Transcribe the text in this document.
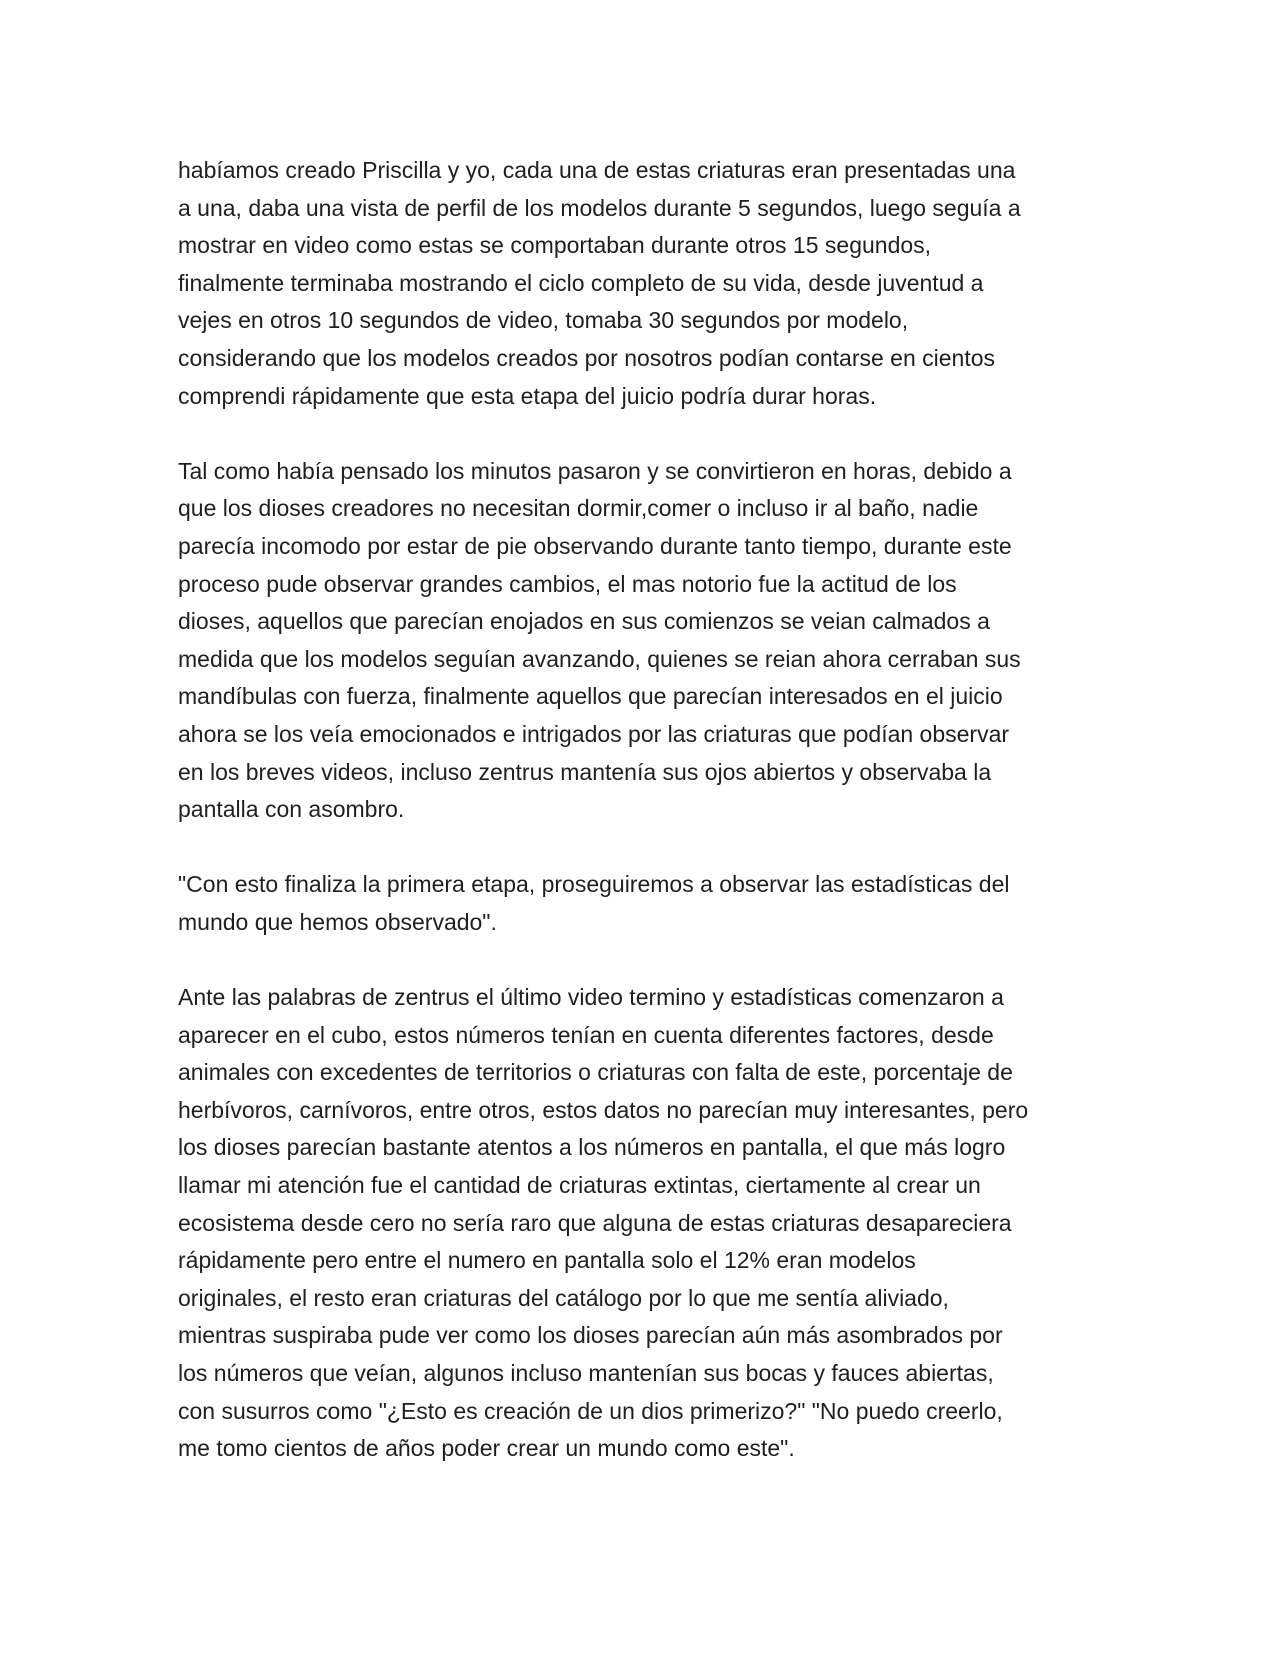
habíamos creado Priscilla y yo, cada una de estas criaturas eran presentadas una
a una, daba una vista de perfil de los modelos durante 5 segundos, luego seguía a
mostrar en video como estas se comportaban durante otros 15 segundos,
finalmente terminaba mostrando el ciclo completo de su vida, desde juventud a
vejes en otros 10 segundos de video, tomaba 30 segundos por modelo,
considerando que los modelos creados por nosotros podían contarse en cientos
comprendi rápidamente que esta etapa del juicio podría durar horas.

Tal como había pensado los minutos pasaron y se convirtieron en horas, debido a
que los dioses creadores no necesitan dormir,comer o incluso ir al baño, nadie
parecía incomodo por estar de pie observando durante tanto tiempo, durante este
proceso pude observar grandes cambios, el mas notorio fue la actitud de los
dioses, aquellos que parecían enojados en sus comienzos se veian calmados a
medida que los modelos seguían avanzando, quienes se reian ahora cerraban sus
mandíbulas con fuerza, finalmente aquellos que parecían interesados en el juicio
ahora se los veía emocionados e intrigados por las criaturas que podían observar
en los breves videos, incluso zentrus mantenía sus ojos abiertos y observaba la
pantalla con asombro.

"Con esto finaliza la primera etapa, proseguiremos a observar las estadísticas del
mundo que hemos observado".

Ante las palabras de zentrus el último video termino y estadísticas comenzaron a
aparecer en el cubo, estos números tenían en cuenta diferentes factores, desde
animales con excedentes de territorios o criaturas con falta de este, porcentaje de
herbívoros, carnívoros, entre otros, estos datos no parecían muy interesantes, pero
los dioses parecían bastante atentos a los números en pantalla, el que más logro
llamar mi atención fue el cantidad de criaturas extintas, ciertamente al crear un
ecosistema desde cero no sería raro que alguna de estas criaturas desapareciera
rápidamente pero entre el numero en pantalla solo el 12% eran modelos
originales, el resto eran criaturas del catálogo por lo que me sentía aliviado,
mientras suspiraba pude ver como los dioses parecían aún más asombrados por
los números que veían, algunos incluso mantenían sus bocas y fauces abiertas,
con susurros como "¿Esto es creación de un dios primerizo?" "No puedo creerlo,
me tomo cientos de años poder crear un mundo como este".
